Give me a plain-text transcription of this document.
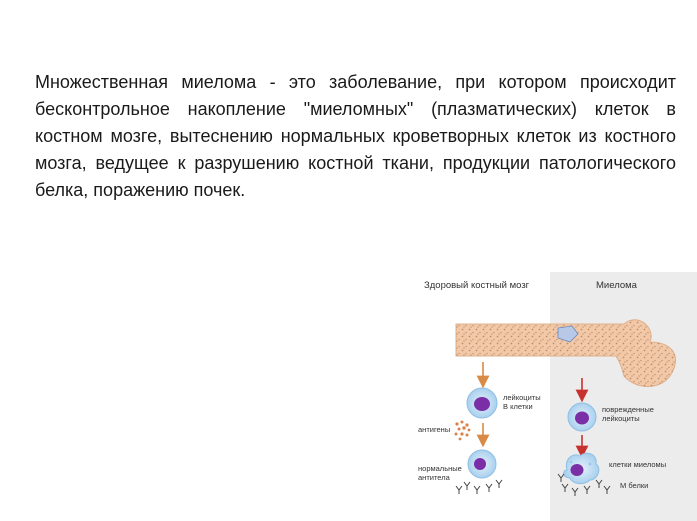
Множественная миелома - это заболевание, при котором происходит бесконтрольное накопление "миеломных" (плазматических) клеток в костном мозге, вытеснению нормальных кроветворных клеток из костного мозга, ведущее к разрушению костной ткани, продукции патологического белка, поражению почек.

Здоровый костный мозг	Миелома
лейкоциты
В клетки
антигены
нормальные
антитела
поврежденные
лейкоциты
клетки миеломы
М белки
